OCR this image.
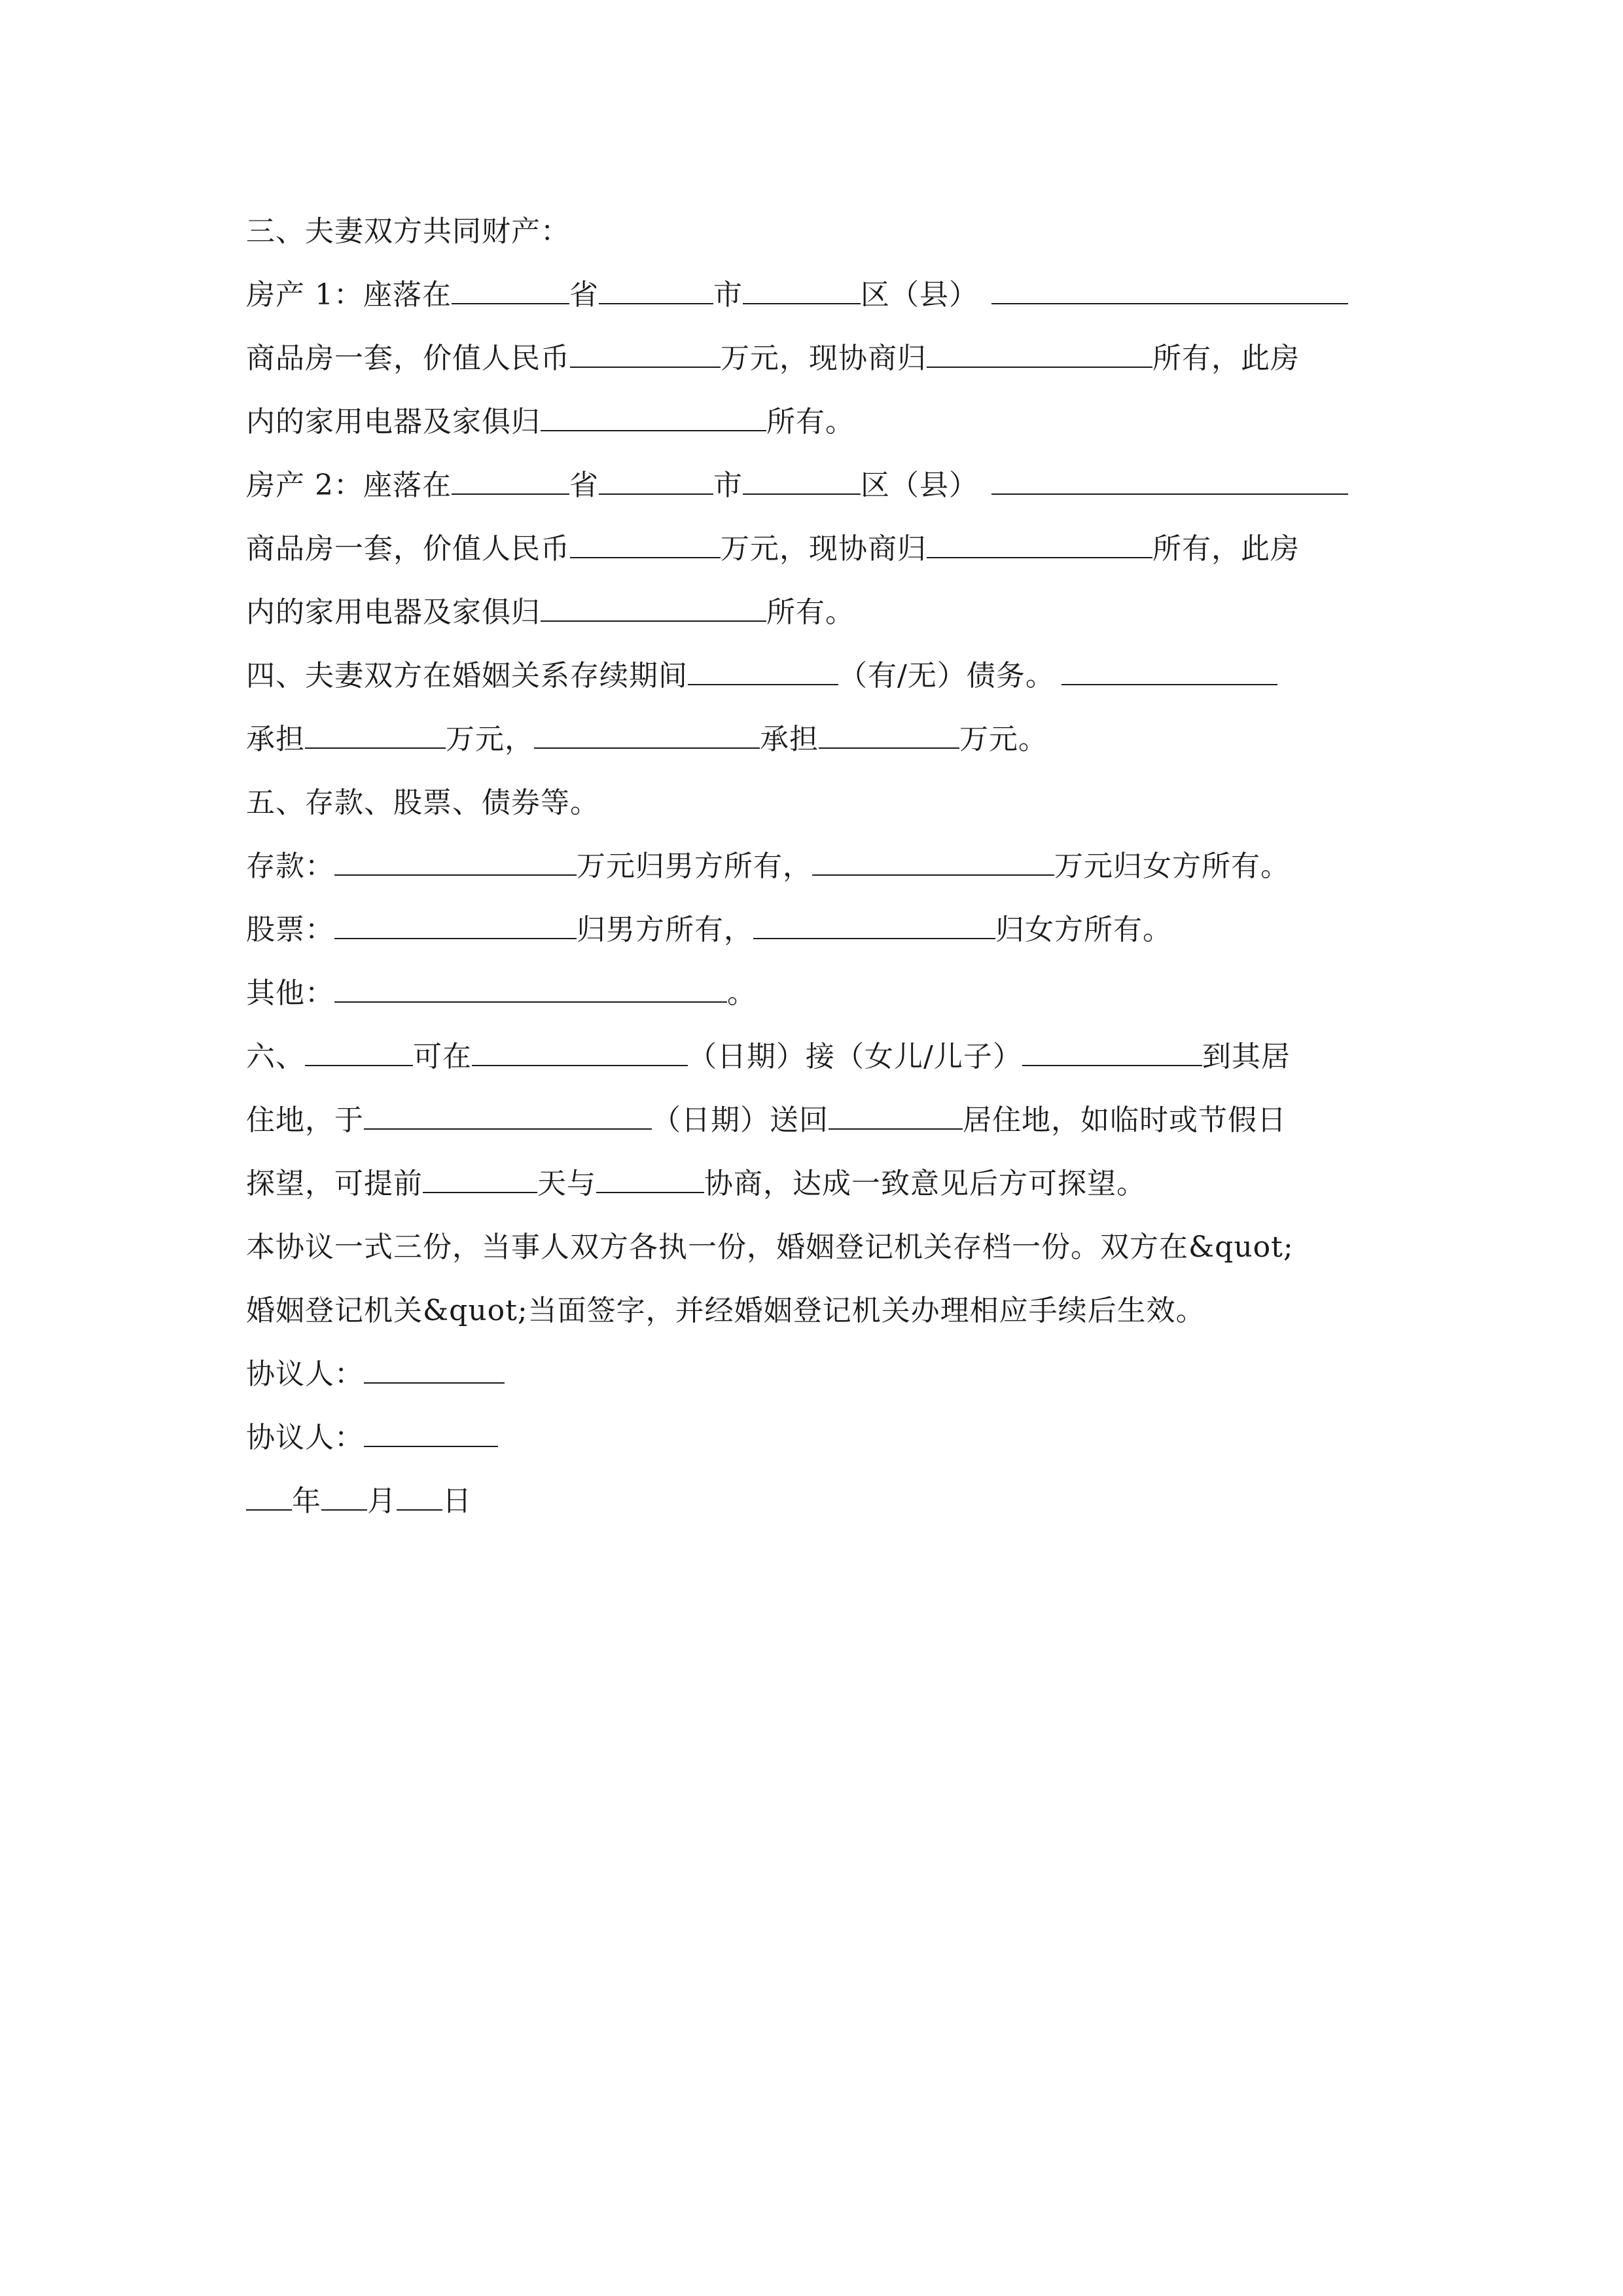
三、夫妻双方共同财产：
房产 1：座落在	省	市	区（县）
商品房一套，价值人民币	万元，现协商归	所有，此房
内的家用电器及家俱归	所有。
房产 2：座落在	省	市	区（县）
商品房一套，价值人民币	万元，现协商归	所有，此房
内的家用电器及家俱归	所有。
四、夫妻双方在婚姻关系存续期间	（有/无）债务。
承担	万元，	承担	万元。
五、存款、股票、债券等。
存款：	万元归男方所有，	万元归女方所有。
股票：	归男方所有，	归女方所有。
其他：	。
六、	可在	（日期）接（女儿/儿子）	到其居
住地，于	（日期）送回	居住地，如临时或节假日
探望，可提前	天与	协商，达成一致意见后方可探望。
本协议一式三份，当事人双方各执一份，婚姻登记机关存档一份。双方在&quot;
婚姻登记机关&quot;当面签字，并经婚姻登记机关办理相应手续后生效。
协议人：
协议人：
年 月 日
